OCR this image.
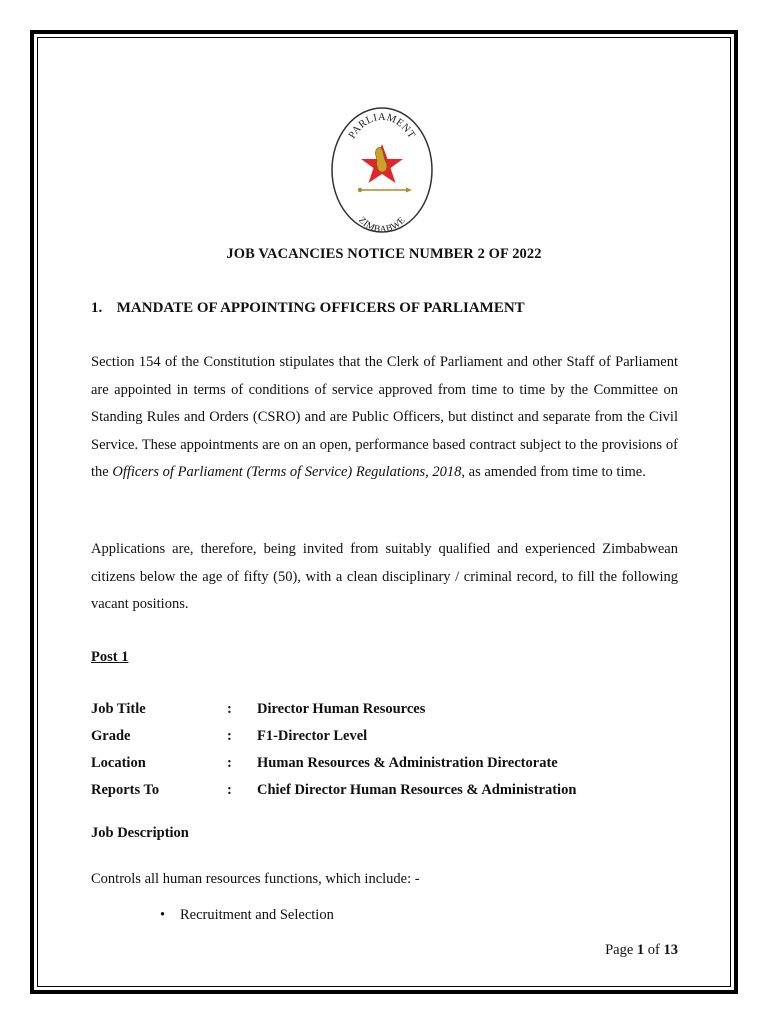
PARLIAMENT
ZIMBABWE
JOB VACANCIES NOTICE NUMBER 2 OF 2022
1. MANDATE OF APPOINTING OFFICERS OF PARLIAMENT
Section 154 of the Constitution stipulates that the Clerk of Parliament and other Staff of Parliament are appointed in terms of conditions of service approved from time to time by the Committee on Standing Rules and Orders (CSRO) and are Public Officers, but distinct and separate from the Civil Service. These appointments are on an open, performance based contract subject to the provisions of the Officers of Parliament (Terms of Service) Regulations, 2018, as amended from time to time.
Applications are, therefore, being invited from suitably qualified and experienced Zimbabwean citizens below the age of fifty (50), with a clean disciplinary / criminal record, to fill the following vacant positions.
Post 1
Job Title	: Director Human Resources
Grade	: F1-Director Level
Location	: Human Resources & Administration Directorate
Reports To	: Chief Director Human Resources & Administration
Job Description
Controls all human resources functions, which include: -
• Recruitment and Selection
Page 1 of 13
